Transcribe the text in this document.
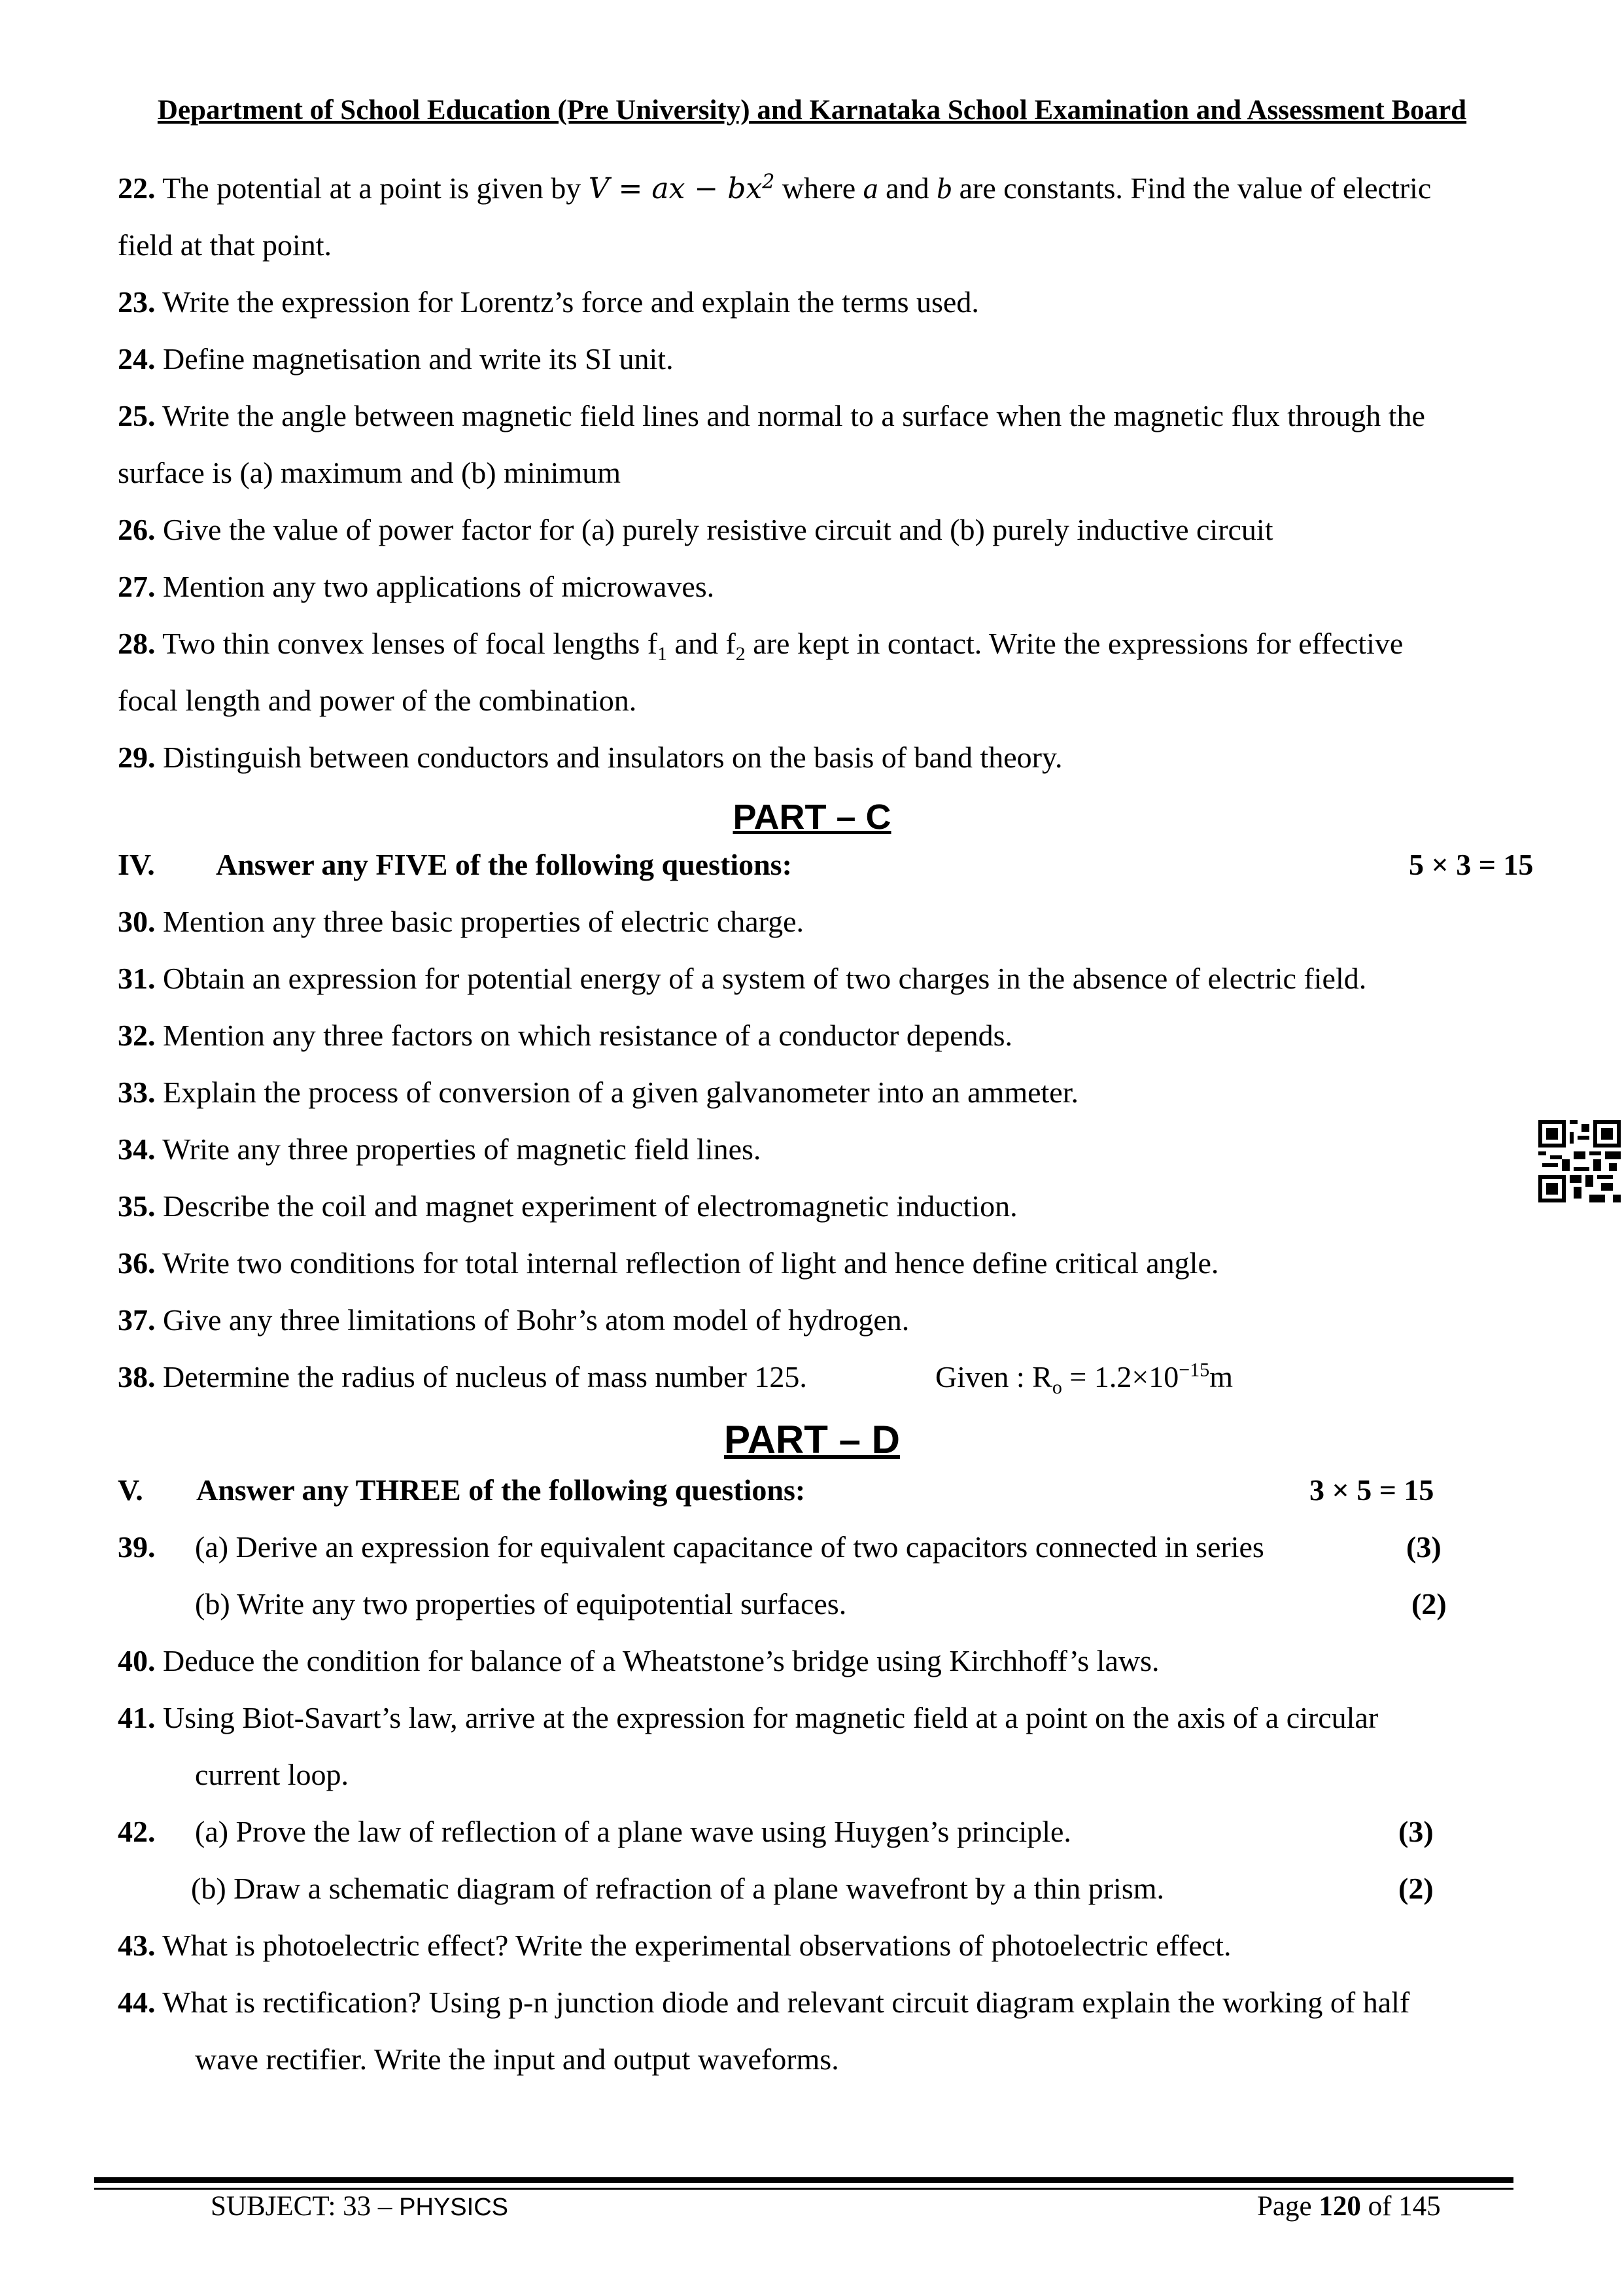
Department of School Education (Pre University) and Karnataka School Examination and Assessment Board
22. The potential at a point is given by V = ax − $bx^2$ where a and b are constants. Find the value of electric
field at that point.
23. Write the expression for Lorentz’s force and explain the terms used.
24. Define magnetisation and write its SI unit.
25. Write the angle between magnetic field lines and normal to a surface when the magnetic flux through the
surface is (a) maximum and (b) minimum
26. Give the value of power factor for (a) purely resistive circuit and (b) purely inductive circuit
27. Mention any two applications of microwaves.
28. Two thin convex lenses of focal lengths $f_1$ and $f_2$ are kept in contact. Write the expressions for effective
focal length and power of the combination.
29. Distinguish between conductors and insulators on the basis of band theory.
PART – C
IV. Answer any FIVE of the following questions:	5 × 3 = 15
30. Mention any three basic properties of electric charge.
31. Obtain an expression for potential energy of a system of two charges in the absence of electric field.
32. Mention any three factors on which resistance of a conductor depends.
33. Explain the process of conversion of a given galvanometer into an ammeter.
34. Write any three properties of magnetic field lines.
35. Describe the coil and magnet experiment of electromagnetic induction.
36. Write two conditions for total internal reflection of light and hence define critical angle.
37. Give any three limitations of Bohr’s atom model of hydrogen.
38. Determine the radius of nucleus of mass number 125.	Given : $R_o = 1.2\times 10^{-15}m$
PART – D
V. Answer any THREE of the following questions:	3 × 5 = 15
39. (a) Derive an expression for equivalent capacitance of two capacitors connected in series	(3)
(b) Write any two properties of equipotential surfaces.	(2)
40. Deduce the condition for balance of a Wheatstone’s bridge using Kirchhoff’s laws.
41. Using Biot-Savart’s law, arrive at the expression for magnetic field at a point on the axis of a circular
current loop.
42. (a) Prove the law of reflection of a plane wave using Huygen’s principle.	(3)
(b) Draw a schematic diagram of refraction of a plane wavefront by a thin prism.	(2)
43. What is photoelectric effect? Write the experimental observations of photoelectric effect.
44. What is rectification? Using p-n junction diode and relevant circuit diagram explain the working of half
wave rectifier. Write the input and output waveforms.
SUBJECT: 33 – PHYSICS	Page 120 of 145
